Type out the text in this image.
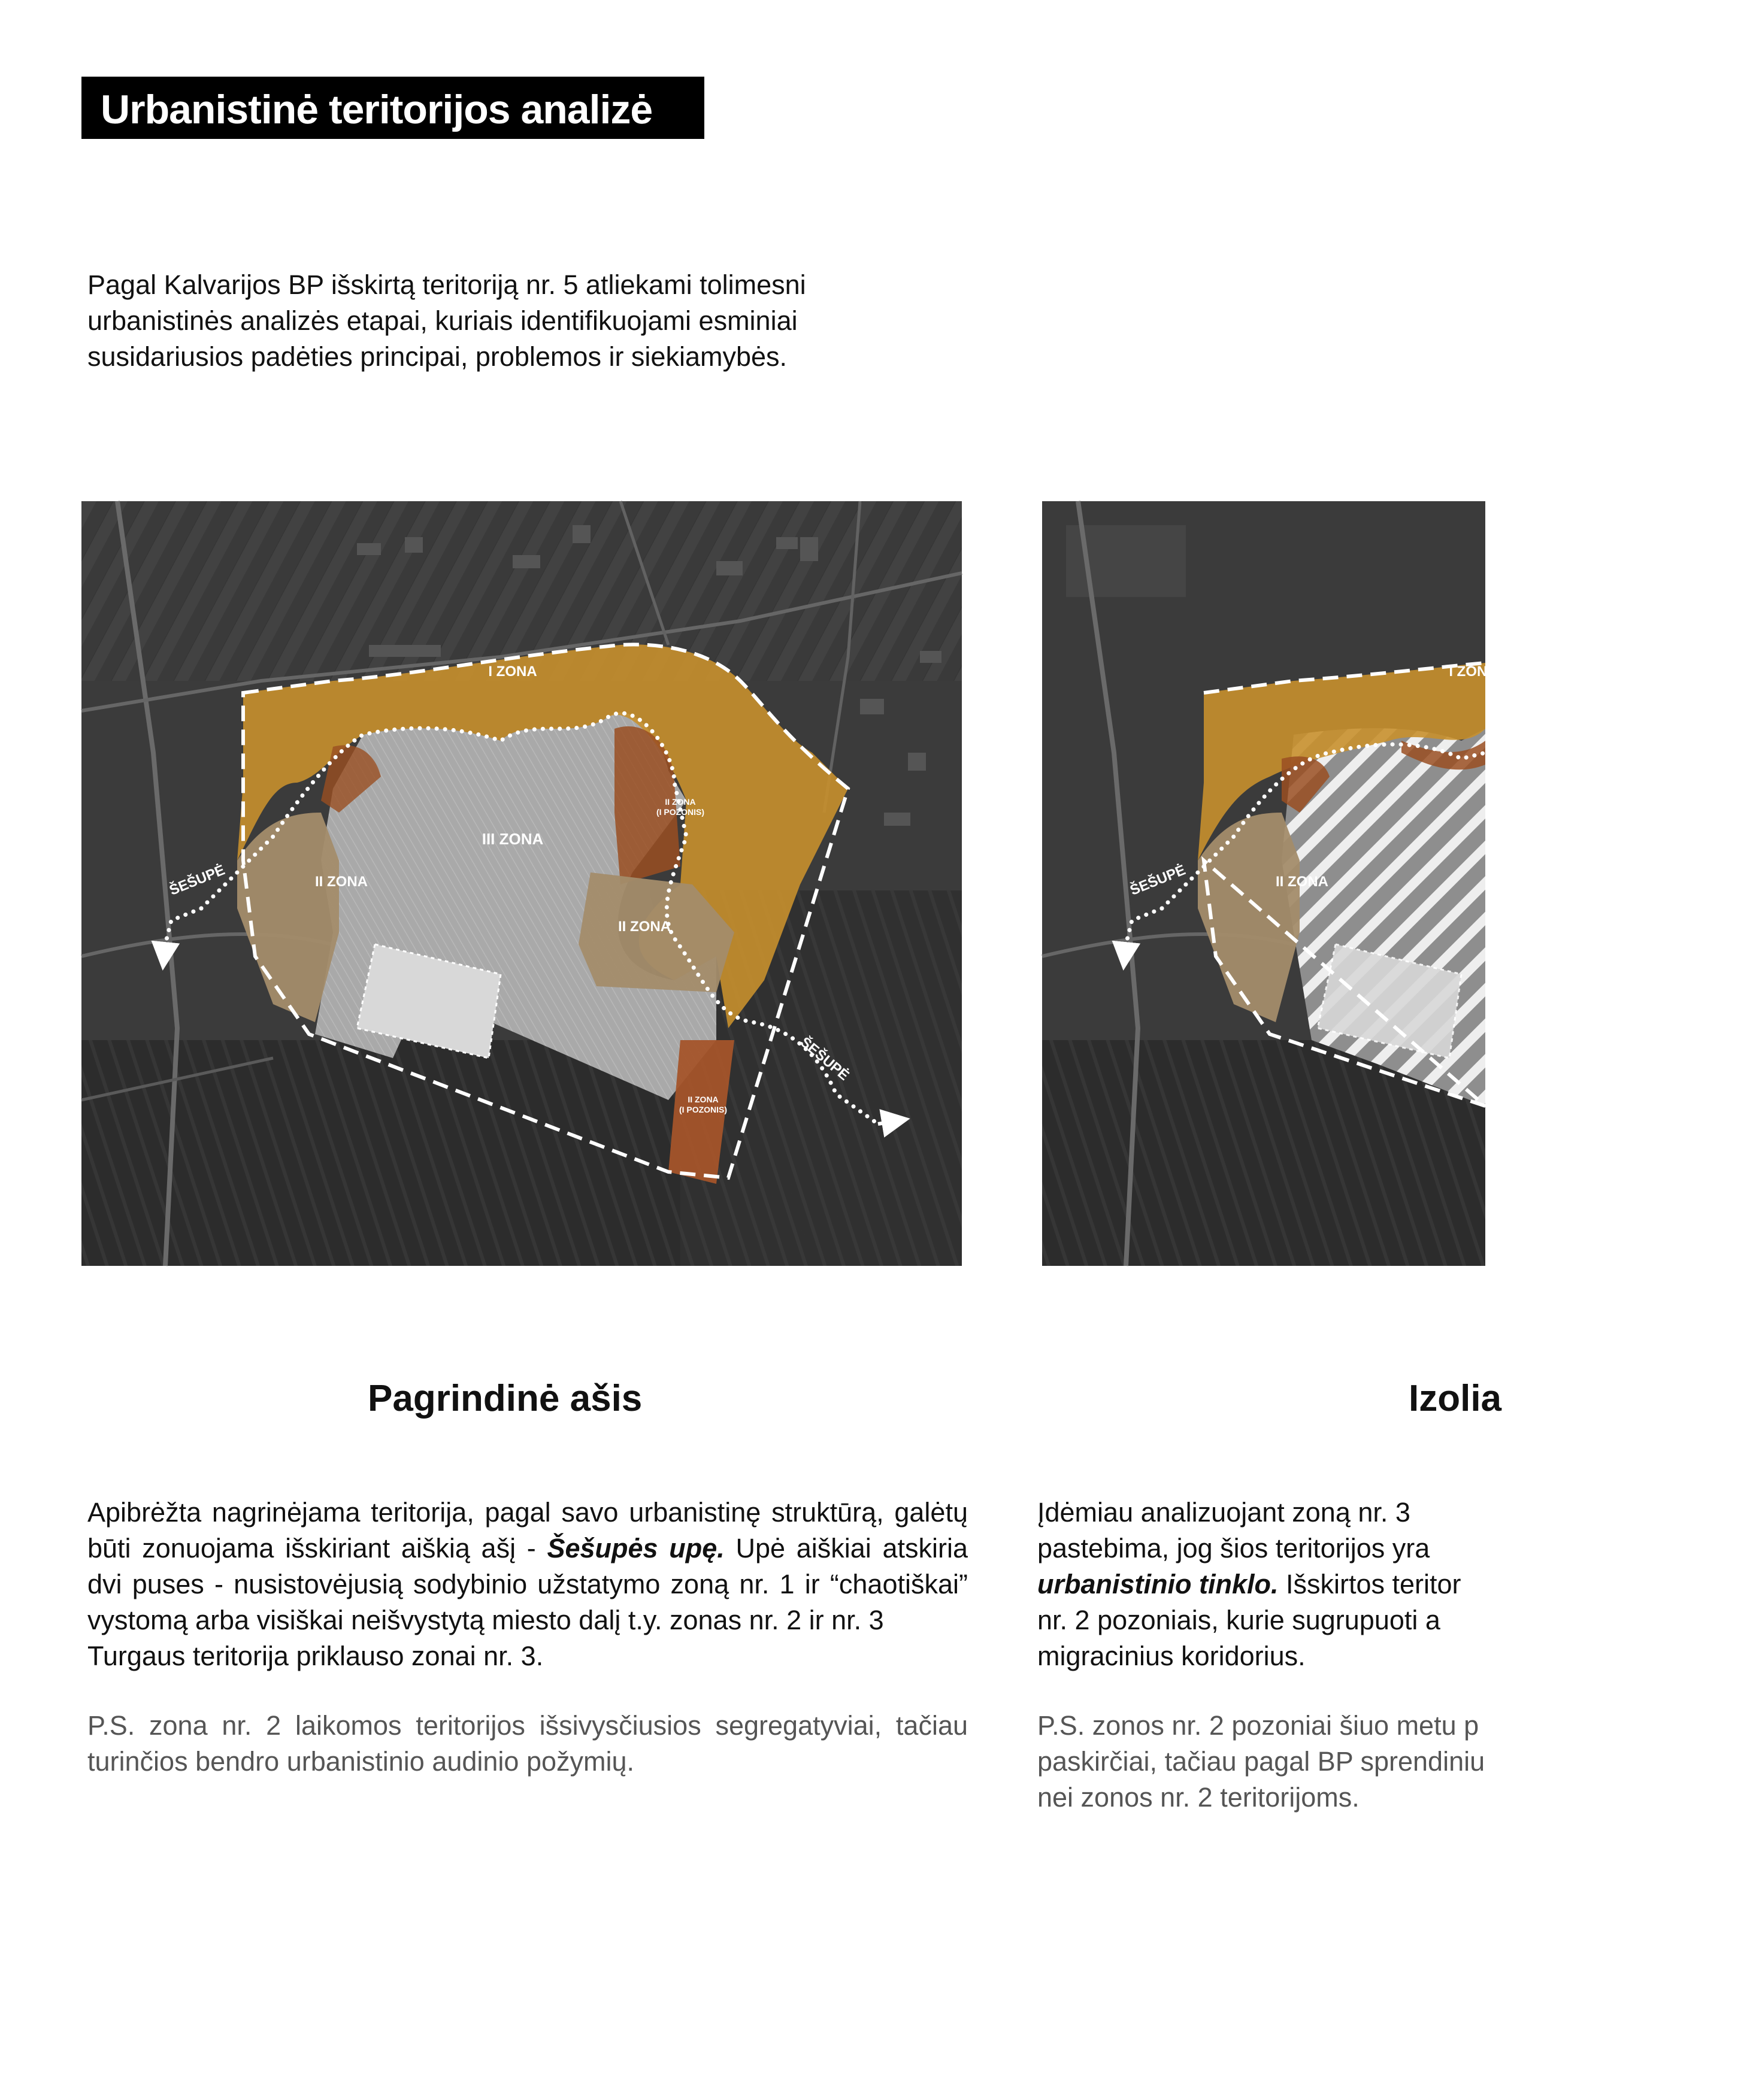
Urbanistinė teritorijos analizė

Pagal Kalvarijos BP išskirtą teritoriją nr. 5 atliekami tolimesni urbanistinės analizės etapai, kuriais identifikuojami esminiai susidariusios padėties principai, problemos ir siekiamybės.

I ZONA
III ZONA
II ZONA
II ZONA
II ZONA
(I POZONIS)
II ZONA
(I POZONIS)
ŠEŠUPĖ
ŠEŠUPĖ
I ZONA
II ZONA
ŠEŠUPĖ
Pagrindinė ašis	Izolia

Apibrėžta nagrinėjama teritorija, pagal savo urbanistinę struktūrą, galėtų būti zonuojama išskiriant aiškią ašį - Šešupės upę. Upė aiškiai atskiria dvi puses - nusistovėjusią sodybinio užstatymo zoną nr. 1 ir “chaotiškai” vystomą arba visiškai neišvystytą miesto dalį t.y. zonas nr. 2 ir nr. 3

Turgaus teritorija priklauso zonai nr. 3.

P.S. zona nr. 2 laikomos teritorijos išsivysčiusios segregatyviai, tačiau turinčios bendro urbanistinio audinio požymių.

Įdėmiau analizuojant zoną nr. 3

pastebima, jog šios teritorijos yra

urbanistinio tinklo. Išskirtos teritor

nr. 2 pozoniais, kurie sugrupuoti a

migracinius koridorius.

P.S. zonos nr. 2 pozoniai šiuo metu p

paskirčiai, tačiau pagal BP sprendiniu

nei zonos nr. 2 teritorijoms.
